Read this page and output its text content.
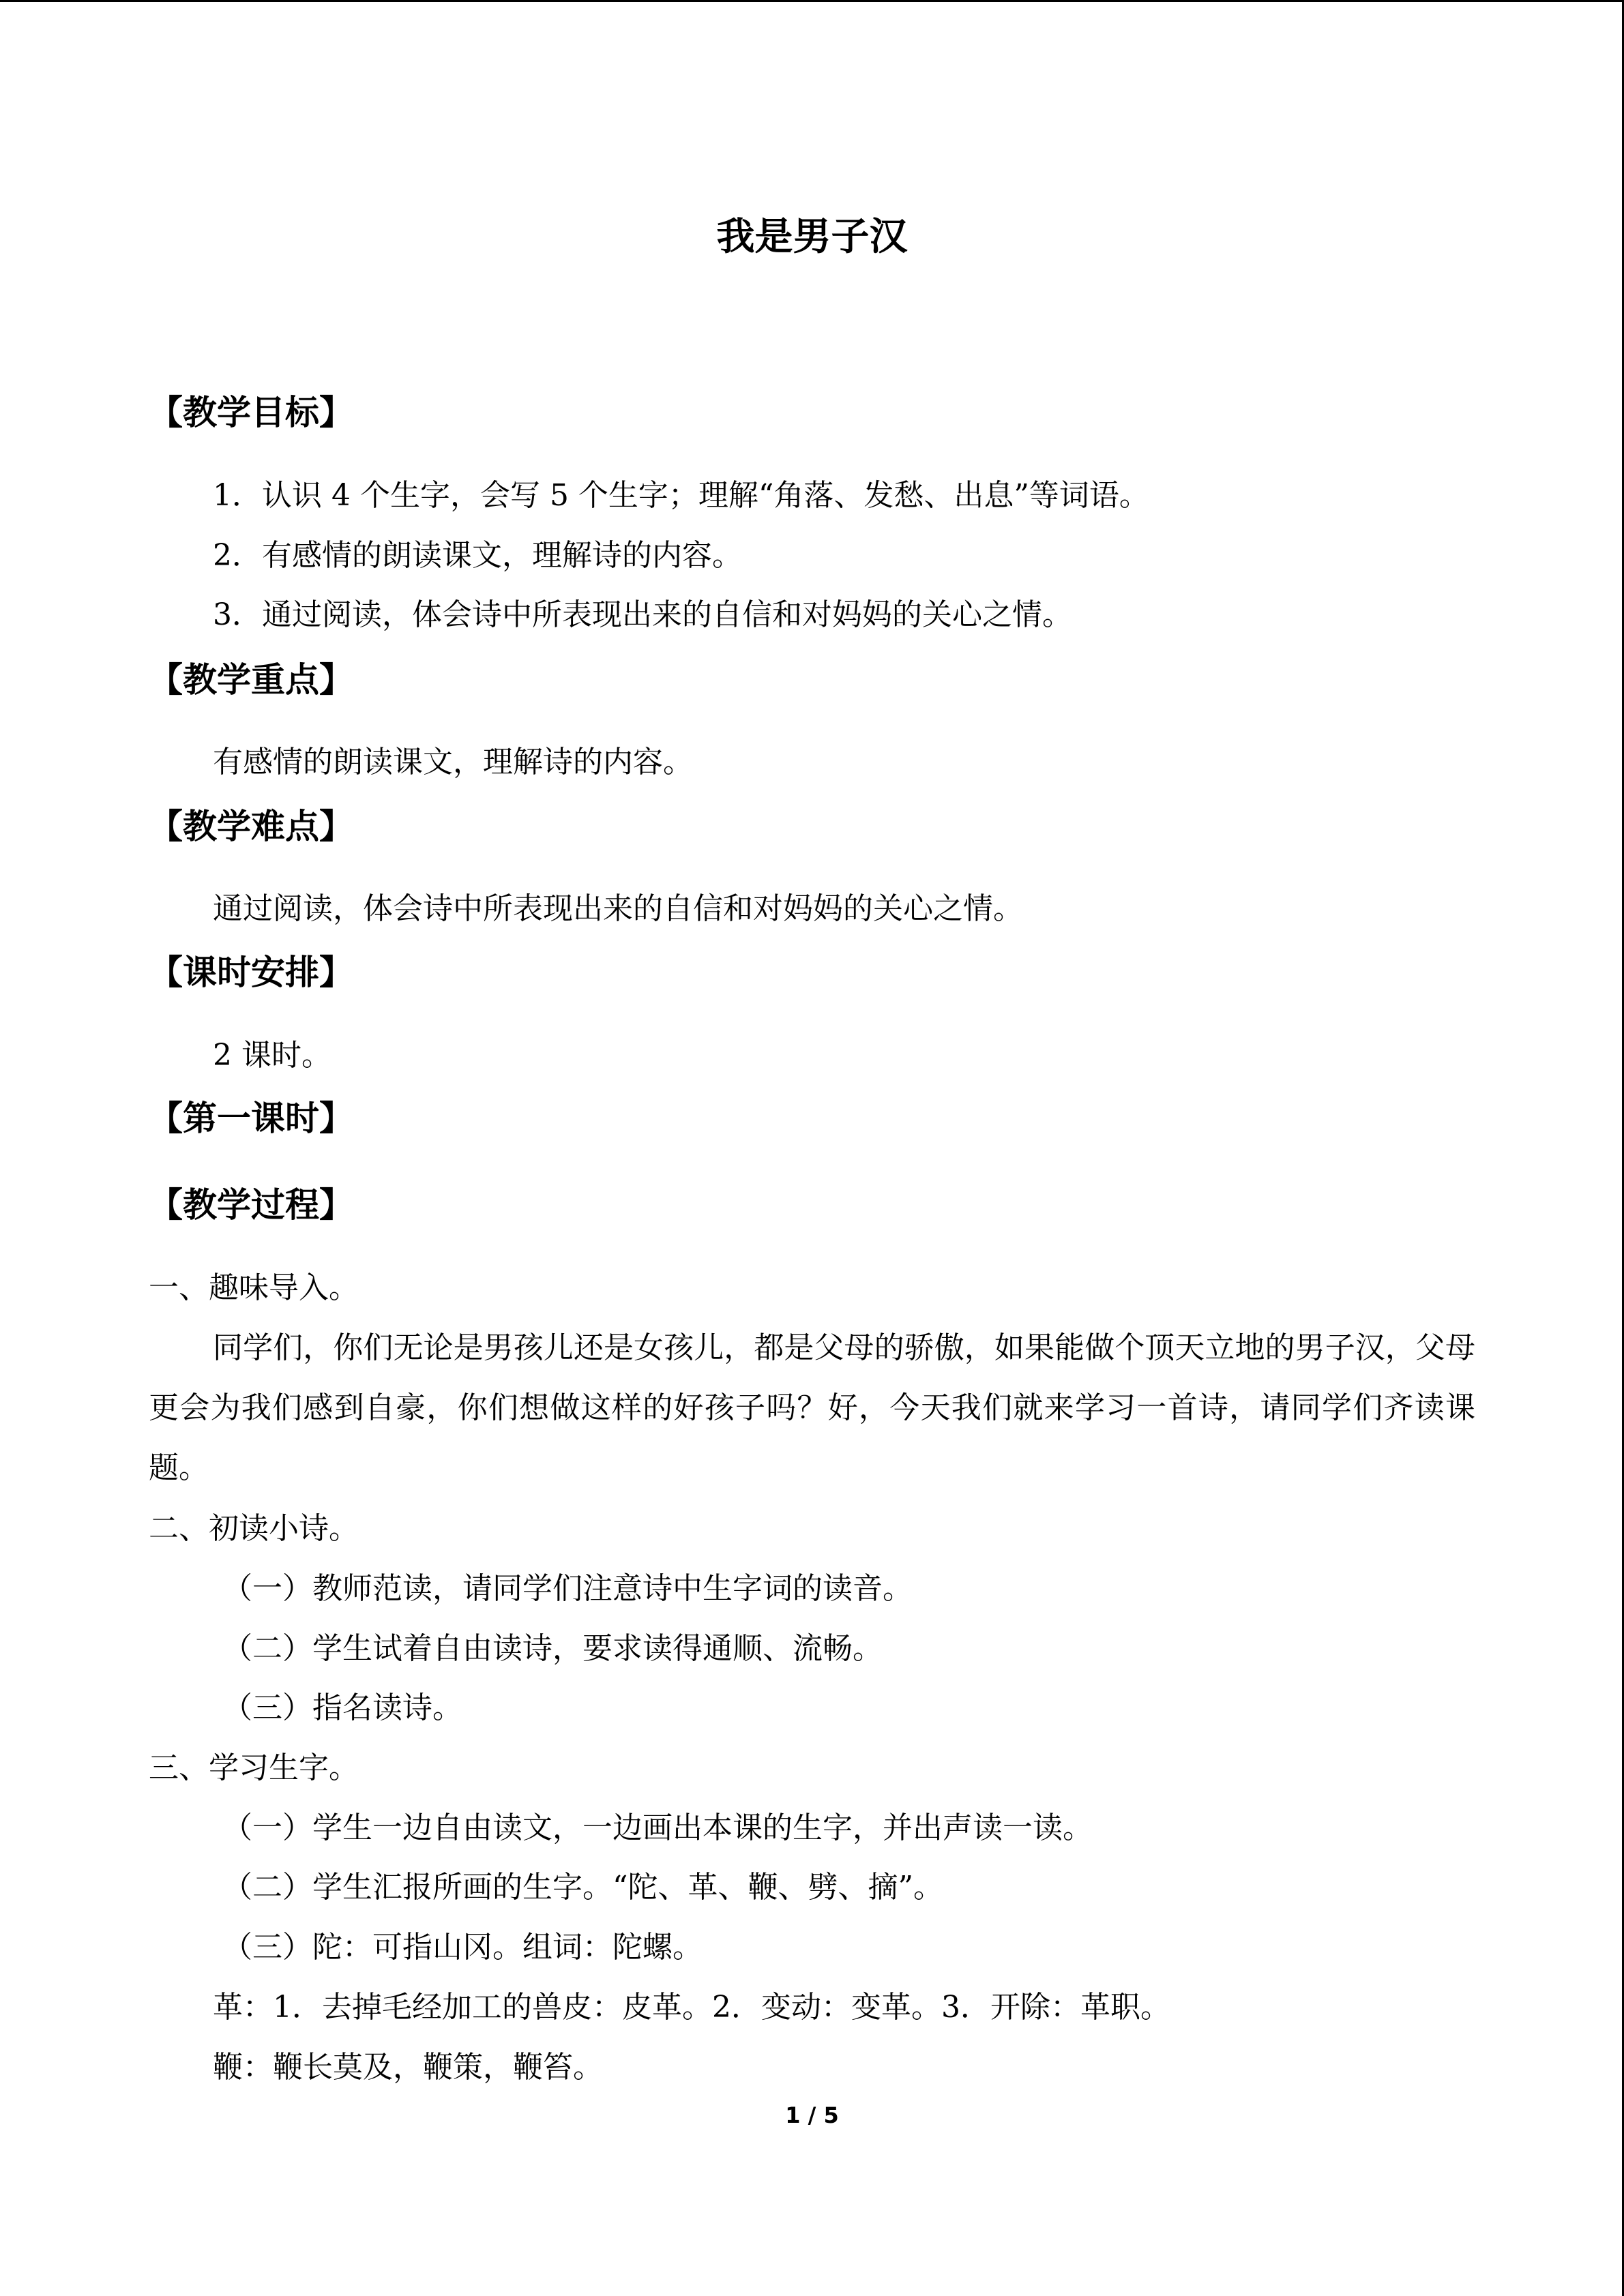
我是男子汉
【教学目标】

1．认识 4 个生字，会写 5 个生字；理解“角落、发愁、出息”等词语。

2．有感情的朗读课文，理解诗的内容。

3．通过阅读，体会诗中所表现出来的自信和对妈妈的关心之情。

【教学重点】

有感情的朗读课文，理解诗的内容。

【教学难点】

通过阅读，体会诗中所表现出来的自信和对妈妈的关心之情。

【课时安排】

2 课时。

【第一课时】
【教学过程】

一、趣味导入。

同学们，你们无论是男孩儿还是女孩儿，都是父母的骄傲，如果能做个顶天立地的男子汉，父母更会为我们感到自豪，你们想做这样的好孩子吗？好，今天我们就来学习一首诗，请同学们齐读课题。

二、初读小诗。

（一）教师范读，请同学们注意诗中生字词的读音。

（二）学生试着自由读诗，要求读得通顺、流畅。

（三）指名读诗。

三、学习生字。

（一）学生一边自由读文，一边画出本课的生字，并出声读一读。

（二）学生汇报所画的生字。“陀、革、鞭、劈、摘”。

（三）陀：可指山冈。组词：陀螺。

革：1．去掉毛经加工的兽皮：皮革。2．变动：变革。3．开除：革职。

鞭：鞭长莫及，鞭策，鞭笞。

1 / 5
